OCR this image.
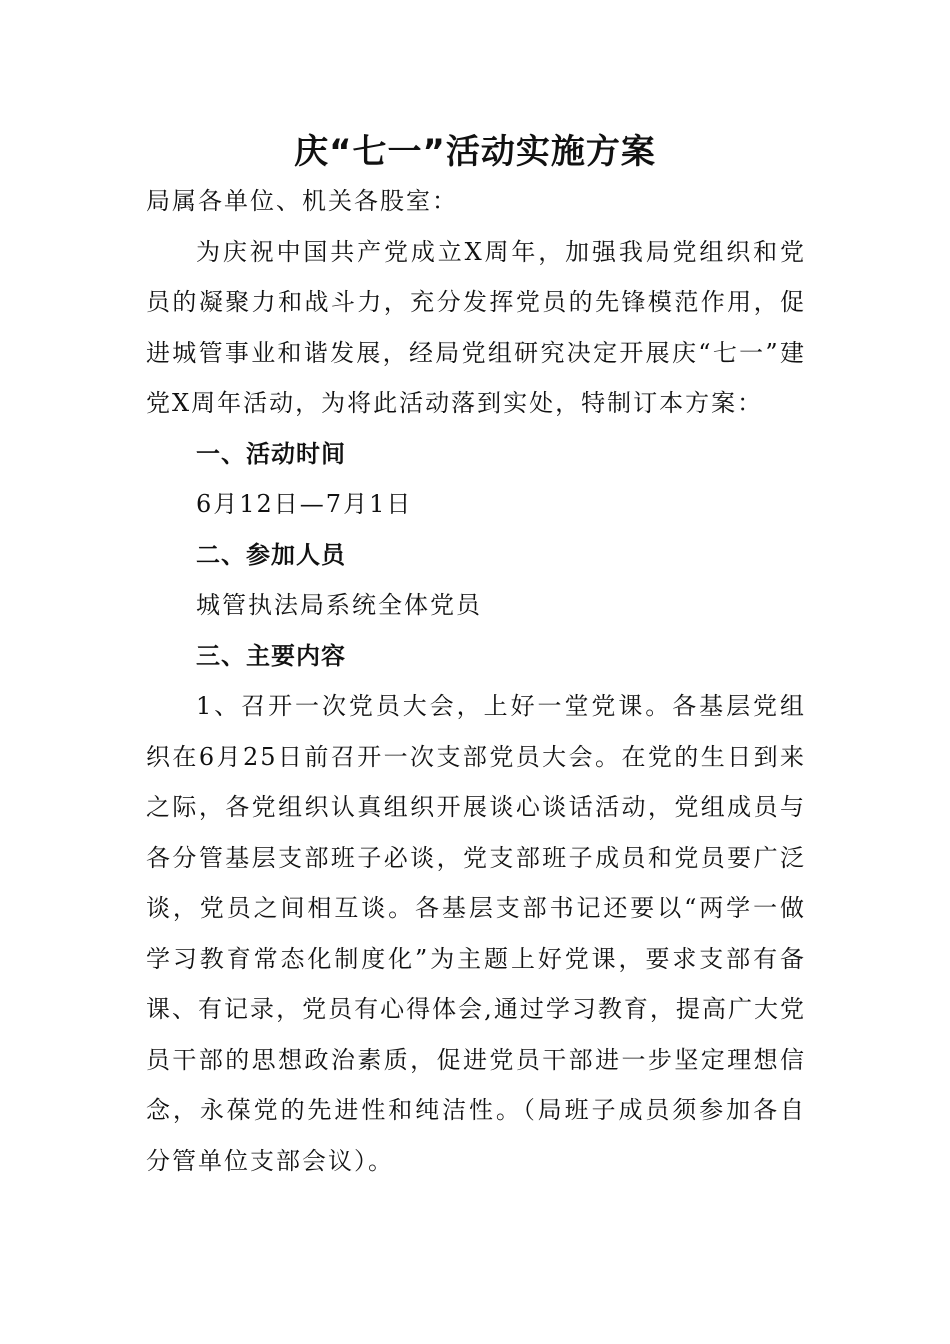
庆“七一”活动实施方案

局属各单位、机关各股室：

为庆祝中国共产党成立X周年，加强我局党组织和党员的凝聚力和战斗力，充分发挥党员的先锋模范作用，促进城管事业和谐发展，经局党组研究决定开展庆“七一”建党X周年活动，为将此活动落到实处，特制订本方案：

一、活动时间

6月12日—7月1日

二、参加人员

城管执法局系统全体党员

三、主要内容

1、召开一次党员大会，上好一堂党课。各基层党组织在6月25日前召开一次支部党员大会。在党的生日到来之际，各党组织认真组织开展谈心谈话活动，党组成员与各分管基层支部班子必谈，党支部班子成员和党员要广泛谈，党员之间相互谈。各基层支部书记还要以“两学一做学习教育常态化制度化”为主题上好党课，要求支部有备课、有记录，党员有心得体会,通过学习教育，提高广大党员干部的思想政治素质，促进党员干部进一步坚定理想信念，永葆党的先进性和纯洁性。（局班子成员须参加各自分管单位支部会议）。
